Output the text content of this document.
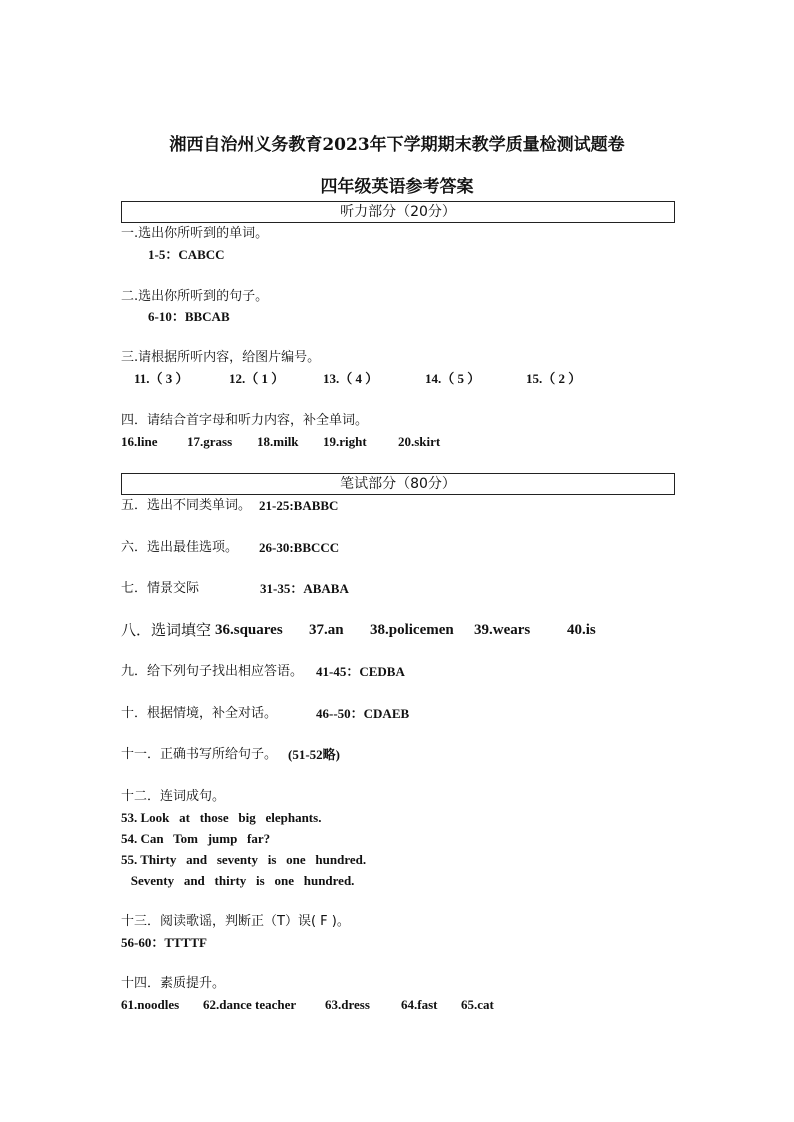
湘西自治州义务教育2023年下学期期末教学质量检测试题卷
四年级英语参考答案
听力部分（20分）
一.选出你所听到的单词。
1-5：CABCC
二.选出你所听到的句子。
6-10：BBCAB
三.请根据所听内容，给图片编号。
11.（ 3 ）	12.（ 1 ）	13.（ 4 ）	14.（ 5 ）	15.（ 2 ）
四．请结合首字母和听力内容，补全单词。
16.line 17.grass 18.milk 19.right 20.skirt
笔试部分（80分）
五．选出不同类单词。 21-25:BABBC
六．选出最佳选项。 26-30:BBCCC
七．情景交际	31-35：ABABA
八．选词填空 36.squares 37.an 38.policemen 39.wears 40.is
九．给下列句子找出相应答语。 41-45：CEDBA
十．根据情境，补全对话。	46--50：CDAEB
十一．正确书写所给句子。 (51-52略)
十二．连词成句。
53. Look   at   those   big   elephants.
54. Can   Tom   jump   far?
55. Thirty   and   seventy   is   one   hundred.
Seventy   and   thirty   is   one   hundred.
十三．阅读歌谣，判断正（T）误( F )。
56-60：TTTTF
十四．素质提升。
61.noodles 62.dance teacher 63.dress 64.fast 65.cat
